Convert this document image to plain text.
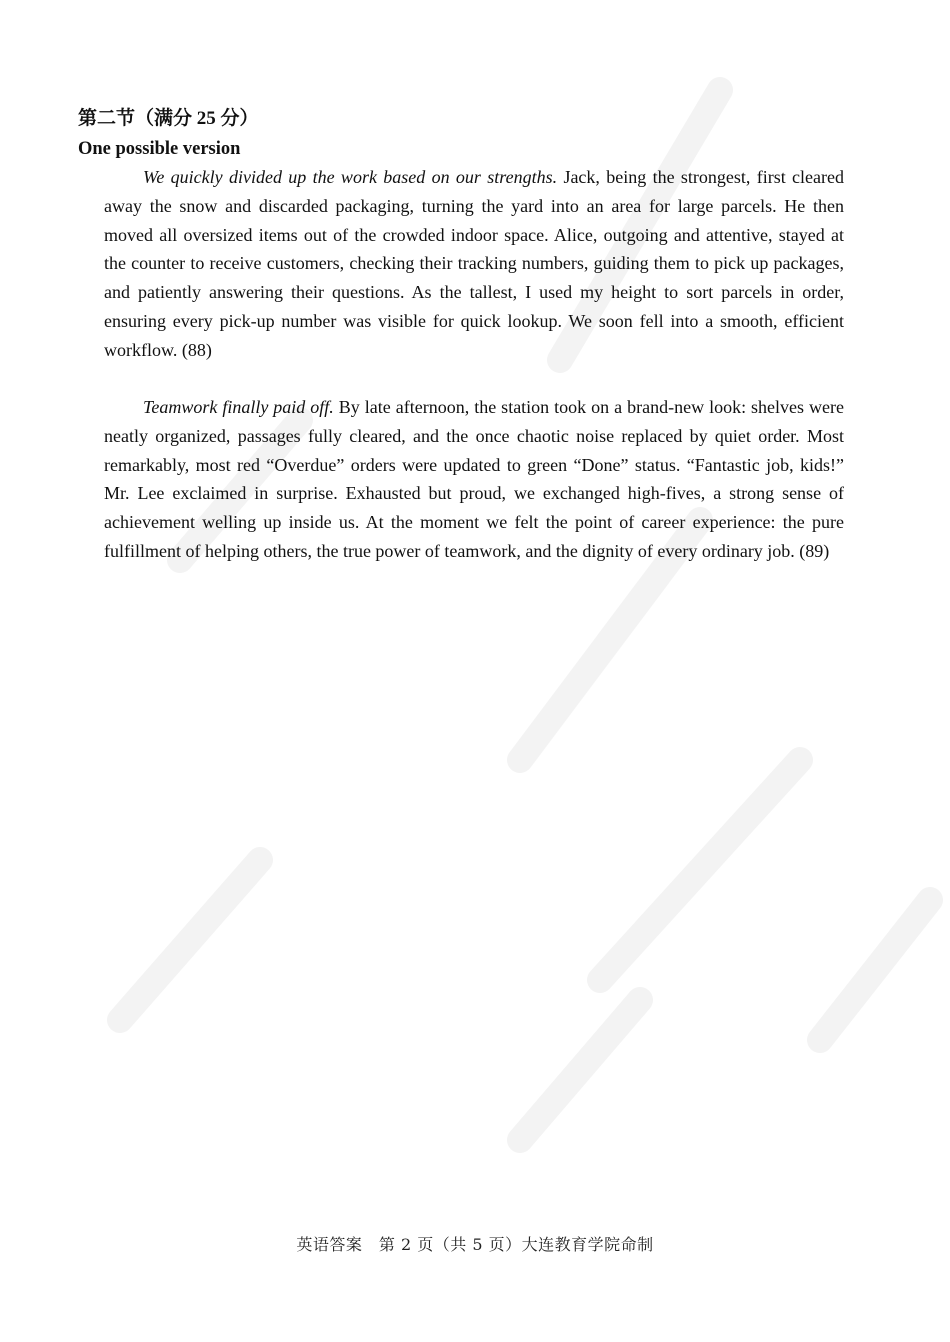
第二节（满分 25 分）
One possible version

We quickly divided up the work based on our strengths. Jack, being the strongest, first cleared away the snow and discarded packaging, turning the yard into an area for large parcels. He then moved all oversized items out of the crowded indoor space. Alice, outgoing and attentive, stayed at the counter to receive customers, checking their tracking numbers, guiding them to pick up packages, and patiently answering their questions. As the tallest, I used my height to sort parcels in order, ensuring every pick-up number was visible for quick lookup. We soon fell into a smooth, efficient workflow. (88)

Teamwork finally paid off. By late afternoon, the station took on a brand-new look: shelves were neatly organized, passages fully cleared, and the once chaotic noise replaced by quiet order. Most remarkably, most red “Overdue” orders were updated to green “Done” status. “Fantastic job, kids!” Mr. Lee exclaimed in surprise. Exhausted but proud, we exchanged high-fives, a strong sense of achievement welling up inside us. At the moment we felt the point of career experience: the pure fulfillment of helping others, the true power of teamwork, and the dignity of every ordinary job. (89)

英语答案　第 2 页（共 5 页）大连教育学院命制
